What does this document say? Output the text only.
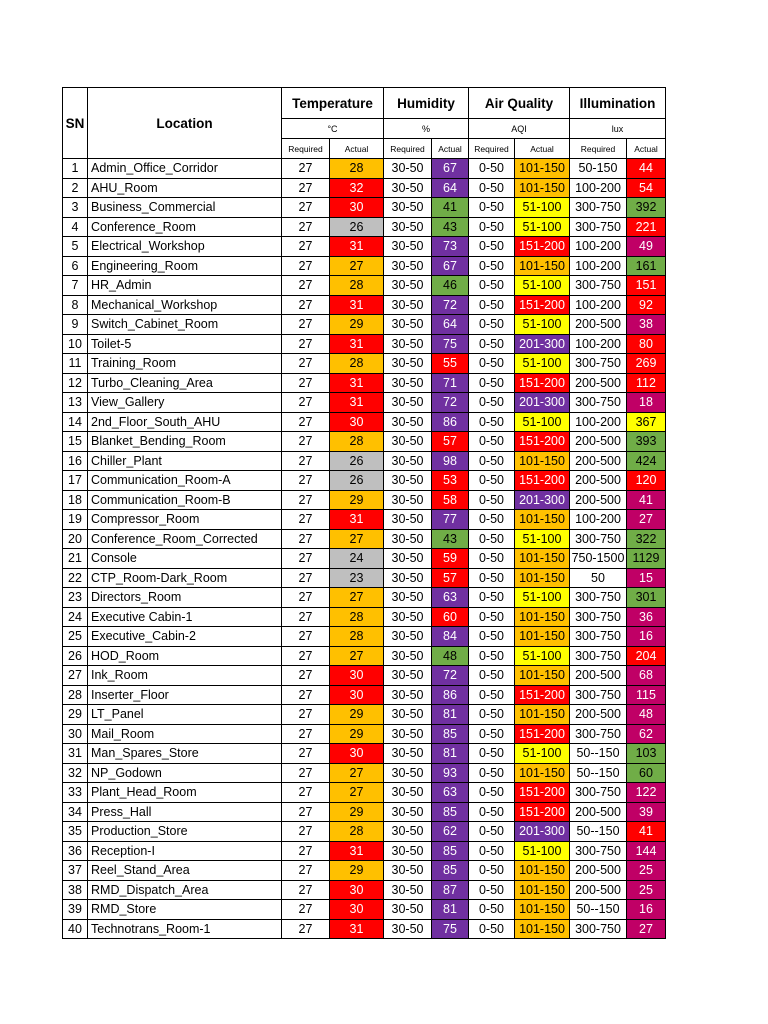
SN	Location	Temperature		Humidity		Air Quality		Illumination	
		°C		%		AQI		lux	
		Required	Actual	Required	Actual	Required	Actual	Required	Actual
1	Admin_Office_Corridor	27	28	30-50	67	0-50	101-150	50-150	44
2	AHU_Room	27	32	30-50	64	0-50	101-150	100-200	54
3	Business_Commercial	27	30	30-50	41	0-50	51-100	300-750	392
4	Conference_Room	27	26	30-50	43	0-50	51-100	300-750	221
5	Electrical_Workshop	27	31	30-50	73	0-50	151-200	100-200	49
6	Engineering_Room	27	27	30-50	67	0-50	101-150	100-200	161
7	HR_Admin	27	28	30-50	46	0-50	51-100	300-750	151
8	Mechanical_Workshop	27	31	30-50	72	0-50	151-200	100-200	92
9	Switch_Cabinet_Room	27	29	30-50	64	0-50	51-100	200-500	38
10	Toilet-5	27	31	30-50	75	0-50	201-300	100-200	80
11	Training_Room	27	28	30-50	55	0-50	51-100	300-750	269
12	Turbo_Cleaning_Area	27	31	30-50	71	0-50	151-200	200-500	112
13	View_Gallery	27	31	30-50	72	0-50	201-300	300-750	18
14	2nd_Floor_South_AHU	27	30	30-50	86	0-50	51-100	100-200	367
15	Blanket_Bending_Room	27	28	30-50	57	0-50	151-200	200-500	393
16	Chiller_Plant	27	26	30-50	98	0-50	101-150	200-500	424
17	Communication_Room-A	27	26	30-50	53	0-50	151-200	200-500	120
18	Communication_Room-B	27	29	30-50	58	0-50	201-300	200-500	41
19	Compressor_Room	27	31	30-50	77	0-50	101-150	100-200	27
20	Conference_Room_Corrected	27	27	30-50	43	0-50	51-100	300-750	322
21	Console	27	24	30-50	59	0-50	101-150	750-1500	1129
22	CTP_Room-Dark_Room	27	23	30-50	57	0-50	101-150	50	15
23	Directors_Room	27	27	30-50	63	0-50	51-100	300-750	301
24	Executive Cabin-1	27	28	30-50	60	0-50	101-150	300-750	36
25	Executive_Cabin-2	27	28	30-50	84	0-50	101-150	300-750	16
26	HOD_Room	27	27	30-50	48	0-50	51-100	300-750	204
27	Ink_Room	27	30	30-50	72	0-50	101-150	200-500	68
28	Inserter_Floor	27	30	30-50	86	0-50	151-200	300-750	115
29	LT_Panel	27	29	30-50	81	0-50	101-150	200-500	48
30	Mail_Room	27	29	30-50	85	0-50	151-200	300-750	62
31	Man_Spares_Store	27	30	30-50	81	0-50	51-100	50--150	103
32	NP_Godown	27	27	30-50	93	0-50	101-150	50--150	60
33	Plant_Head_Room	27	27	30-50	63	0-50	151-200	300-750	122
34	Press_Hall	27	29	30-50	85	0-50	151-200	200-500	39
35	Production_Store	27	28	30-50	62	0-50	201-300	50--150	41
36	Reception-I	27	31	30-50	85	0-50	51-100	300-750	144
37	Reel_Stand_Area	27	29	30-50	85	0-50	101-150	200-500	25
38	RMD_Dispatch_Area	27	30	30-50	87	0-50	101-150	200-500	25
39	RMD_Store	27	30	30-50	81	0-50	101-150	50--150	16
40	Technotrans_Room-1	27	31	30-50	75	0-50	101-150	300-750	27
